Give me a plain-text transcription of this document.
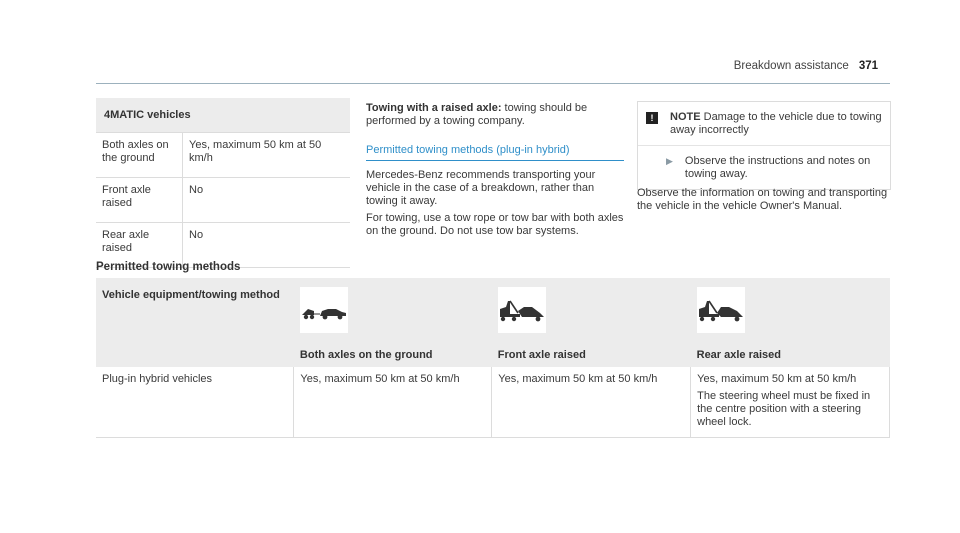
Breakdown assistance 371
4MATIC vehicles	
Both axles on the ground	Yes, maximum 50 km at 50 km/h
Front axle raised	No
Rear axle raised	No

Towing with a raised axle: towing should be performed by a towing company.

Permitted towing methods (plug-in hybrid)

Mercedes-Benz recommends transporting your vehicle in the case of a breakdown, rather than towing it away.

For towing, use a tow rope or tow bar with both axles on the ground. Do not use tow bar systems.

!	NOTE Damage to the vehicle due to towing away incorrectly
▶ Observe the instructions and notes on towing away.
Observe the information on towing and transporting the vehicle in the vehicle Owner's Manual.
Permitted towing methods
Vehicle equipment/towing method	Both axles on the ground	Front axle raised	Rear axle raised

Plug-in hybrid vehicles	Yes, maximum 50 km at 50 km/h	Yes, maximum 50 km at 50 km/h	Yes, maximum 50 km at 50 km/h
The steering wheel must be fixed in the centre position with a steering wheel lock.
